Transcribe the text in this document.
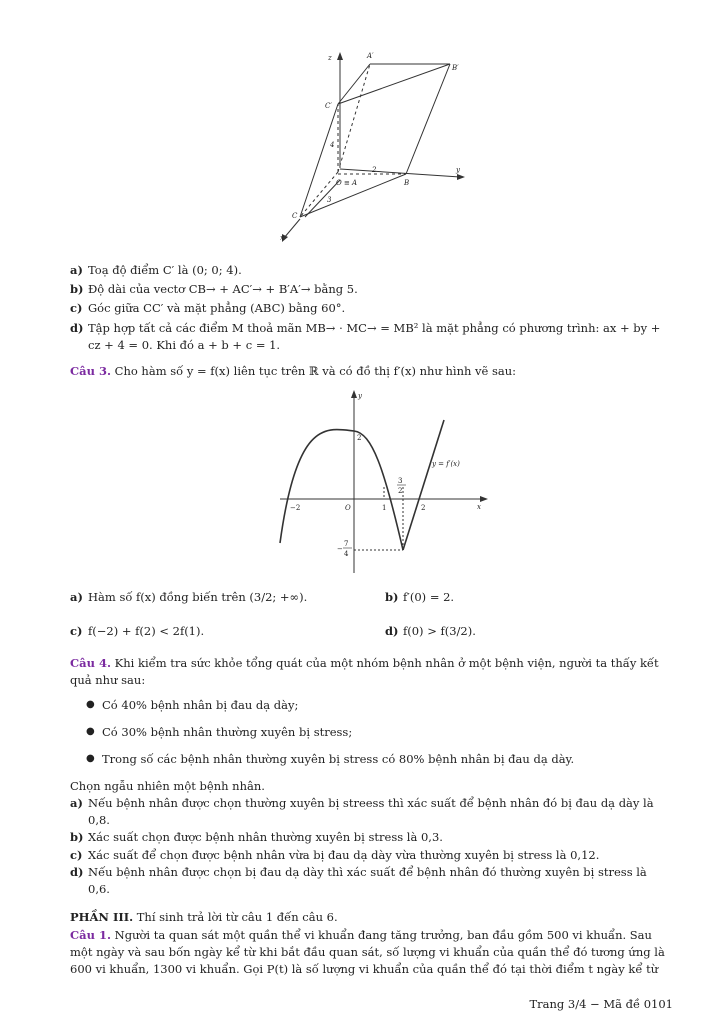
z
y
x
A′
B′
C′
O ≡ A	B
C
4
2
3
a) Toạ độ điểm C′ là (0; 0; 4).
b) Độ dài của vectơ CB→ + AC′→ + B′A′→ bằng 5.
c) Góc giữa CC′ và mặt phẳng (ABC) bằng 60°.
d) Tập hợp tất cả các điểm M thoả mãn MB→ · MC→ = MB² là mặt phẳng có phương trình: ax + by +
cz + 4 = 0. Khi đó a + b + c = 1.
Câu 3. Cho hàm số y = f(x) liên tục trên ℝ và có đồ thị f′(x) như hình vẽ sau:
y
x
y = f′(x)
−2	O	1	2
2
3
2
−
7
4
a) Hàm số f(x) đồng biến trên (3/2; +∞).	b) f′(0) = 2.
c) f(−2) + f(2) < 2f(1).	d) f(0) > f(3/2).
Câu 4. Khi kiểm tra sức khỏe tổng quát của một nhóm bệnh nhân ở một bệnh viện, người ta thấy kết
quả như sau:
● Có 40% bệnh nhân bị đau dạ dày;
● Có 30% bệnh nhân thường xuyên bị stress;
● Trong số các bệnh nhân thường xuyên bị stress có 80% bệnh nhân bị đau dạ dày.
Chọn ngẫu nhiên một bệnh nhân.
a) Nếu bệnh nhân được chọn thường xuyên bị streess thì xác suất để bệnh nhân đó bị đau dạ dày là
0,8.
b) Xác suất chọn được bệnh nhân thường xuyên bị stress là 0,3.
c) Xác suất để chọn được bệnh nhân vừa bị đau dạ dày vừa thường xuyên bị stress là 0,12.
d) Nếu bệnh nhân được chọn bị đau dạ dày thì xác suất để bệnh nhân đó thường xuyên bị stress là
0,6.
PHẦN III. Thí sinh trả lời từ câu 1 đến câu 6.
Câu 1. Người ta quan sát một quần thể vi khuẩn đang tăng trưởng, ban đầu gồm 500 vi khuẩn. Sau
một ngày và sau bốn ngày kể từ khi bắt đầu quan sát, số lượng vi khuẩn của quần thể đó tương ứng là
600 vi khuẩn, 1300 vi khuẩn. Gọi P(t) là số lượng vi khuẩn của quần thể đó tại thời điểm t ngày kể từ
Trang 3/4 − Mã đề 0101
